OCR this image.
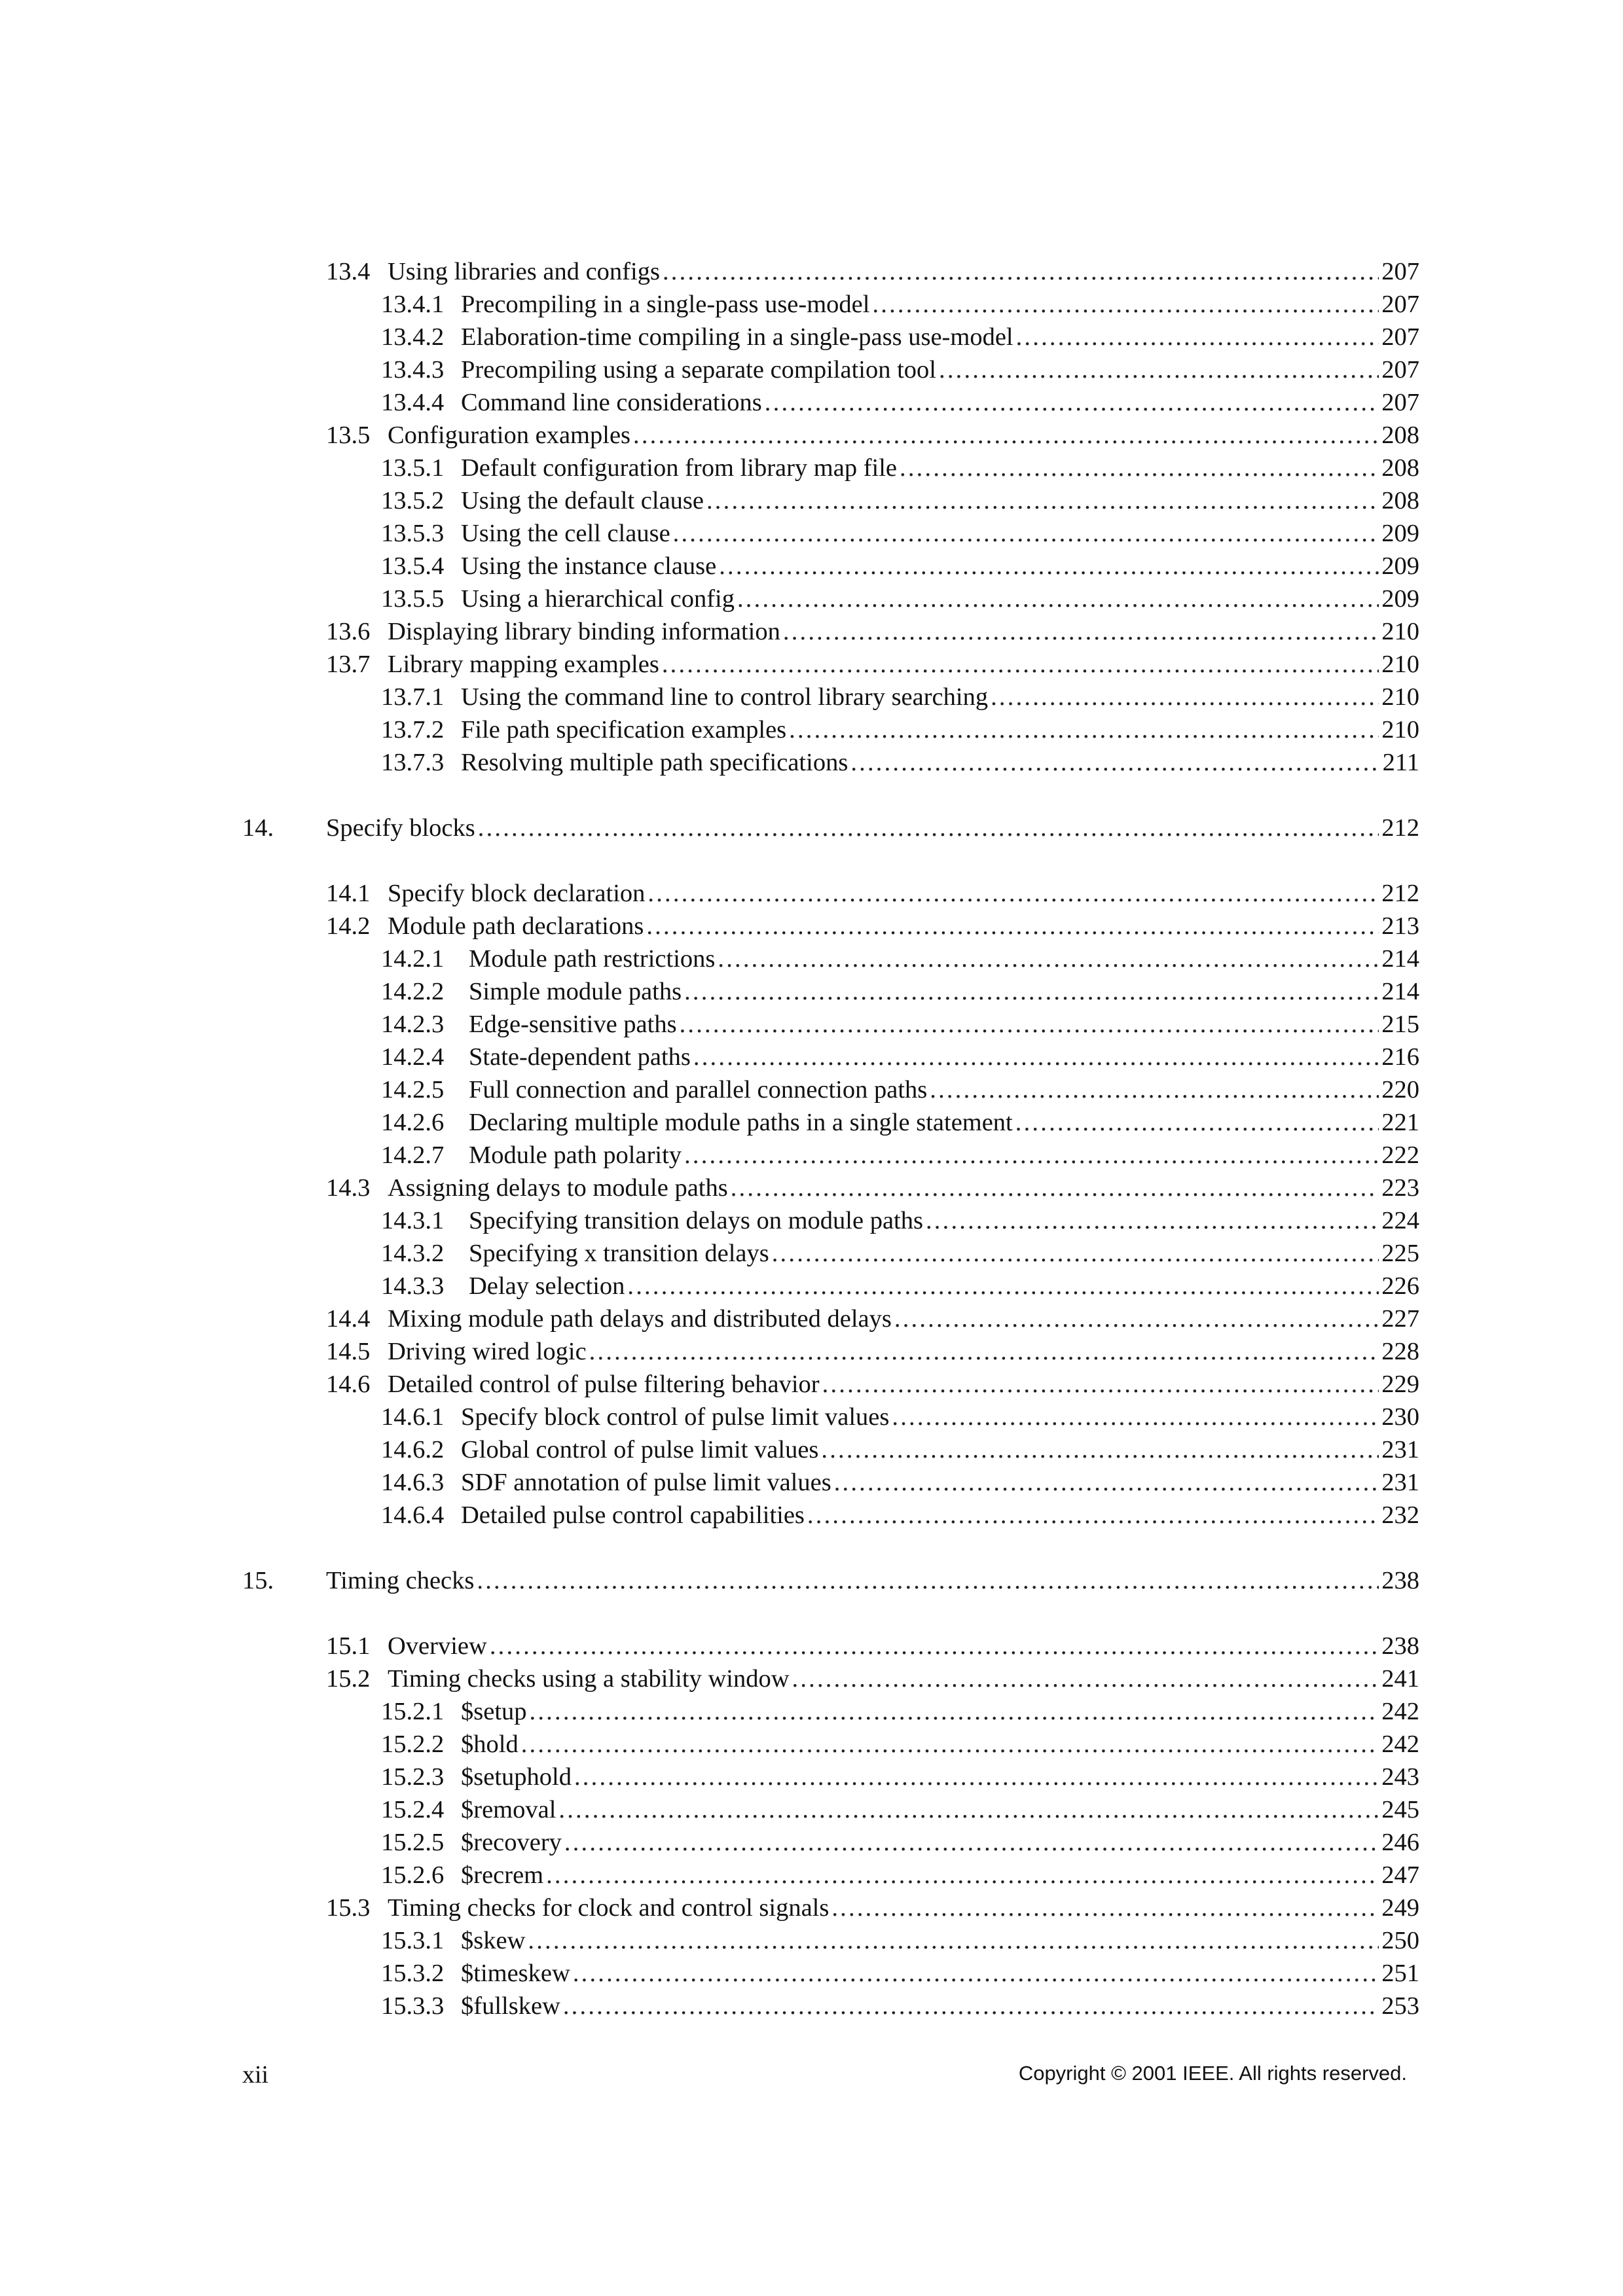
13.4 Using libraries and configs .....	207
13.4.1 Precompiling in a single-pass use-model .....	207
13.4.2 Elaboration-time compiling in a single-pass use-model .....	207
13.4.3 Precompiling using a separate compilation tool .....	207
13.4.4 Command line considerations .....	207
13.5 Configuration examples .....	208
13.5.1 Default configuration from library map file .....	208
13.5.2 Using the default clause .....	208
13.5.3 Using the cell clause .....	209
13.5.4 Using the instance clause .....	209
13.5.5 Using a hierarchical config .....	209
13.6 Displaying library binding information .....	210
13.7 Library mapping examples .....	210
13.7.1 Using the command line to control library searching .....	210
13.7.2 File path specification examples .....	210
13.7.3 Resolving multiple path specifications .....	211
14. Specify blocks .....	212
14.1 Specify block declaration .....	212
14.2 Module path declarations .....	213
14.2.1 Module path restrictions .....	214
14.2.2 Simple module paths .....	214
14.2.3 Edge-sensitive paths .....	215
14.2.4 State-dependent paths .....	216
14.2.5 Full connection and parallel connection paths .....	220
14.2.6 Declaring multiple module paths in a single statement .....	221
14.2.7 Module path polarity .....	222
14.3 Assigning delays to module paths .....	223
14.3.1 Specifying transition delays on module paths .....	224
14.3.2 Specifying x transition delays .....	225
14.3.3 Delay selection .....	226
14.4 Mixing module path delays and distributed delays .....	227
14.5 Driving wired logic .....	228
14.6 Detailed control of pulse filtering behavior .....	229
14.6.1 Specify block control of pulse limit values .....	230
14.6.2 Global control of pulse limit values .....	231
14.6.3 SDF annotation of pulse limit values .....	231
14.6.4 Detailed pulse control capabilities .....	232
15. Timing checks .....	238
15.1 Overview .....	238
15.2 Timing checks using a stability window .....	241
15.2.1 $setup .....	242
15.2.2 $hold .....	242
15.2.3 $setuphold .....	243
15.2.4 $removal .....	245
15.2.5 $recovery .....	246
15.2.6 $recrem .....	247
15.3 Timing checks for clock and control signals .....	249
15.3.1 $skew .....	250
15.3.2 $timeskew .....	251
15.3.3 $fullskew .....	253
xii	Copyright © 2001 IEEE. All rights reserved.
